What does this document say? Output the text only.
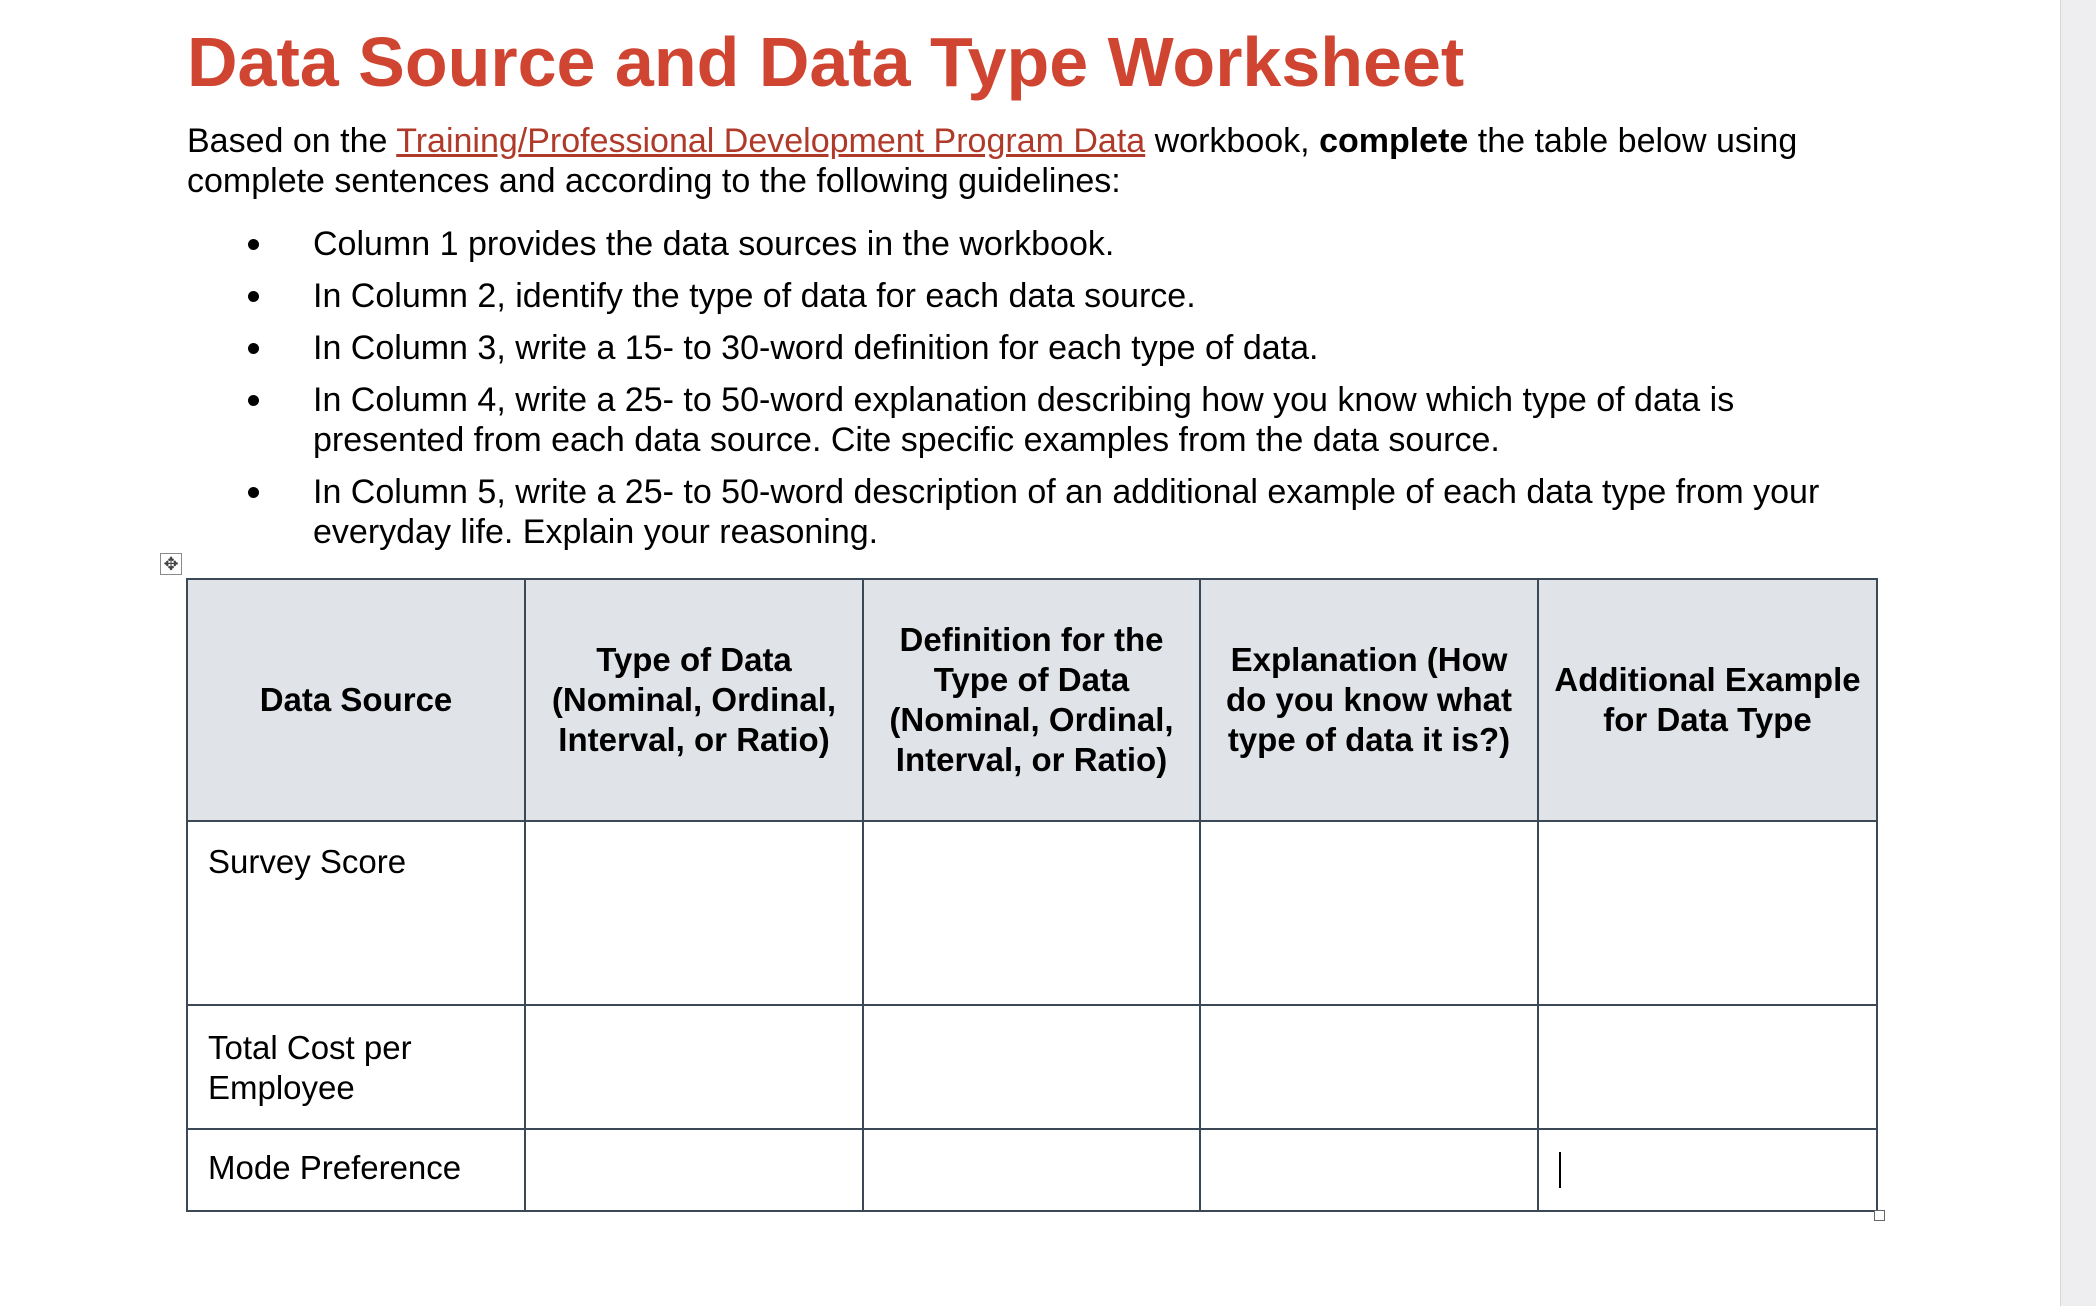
Data Source and Data Type Worksheet

Based on the Training/Professional Development Program Data workbook, complete the table below using complete sentences and according to the following guidelines:

Column 1 provides the data sources in the workbook.
In Column 2, identify the type of data for each data source.
In Column 3, write a 15- to 30-word definition for each type of data.
In Column 4, write a 25- to 50-word explanation describing how you know which type of data is presented from each data source. Cite specific examples from the data source.
In Column 5, write a 25- to 50-word description of an additional example of each data type from your everyday life. Explain your reasoning.
✥
Data Source	Type of Data (Nominal, Ordinal, Interval, or Ratio)	Definition for the Type of Data (Nominal, Ordinal, Interval, or Ratio)	Explanation (How do you know what type of data it is?)	Additional Example for Data Type
Survey Score				
Total Cost per Employee				
Mode Preference				
